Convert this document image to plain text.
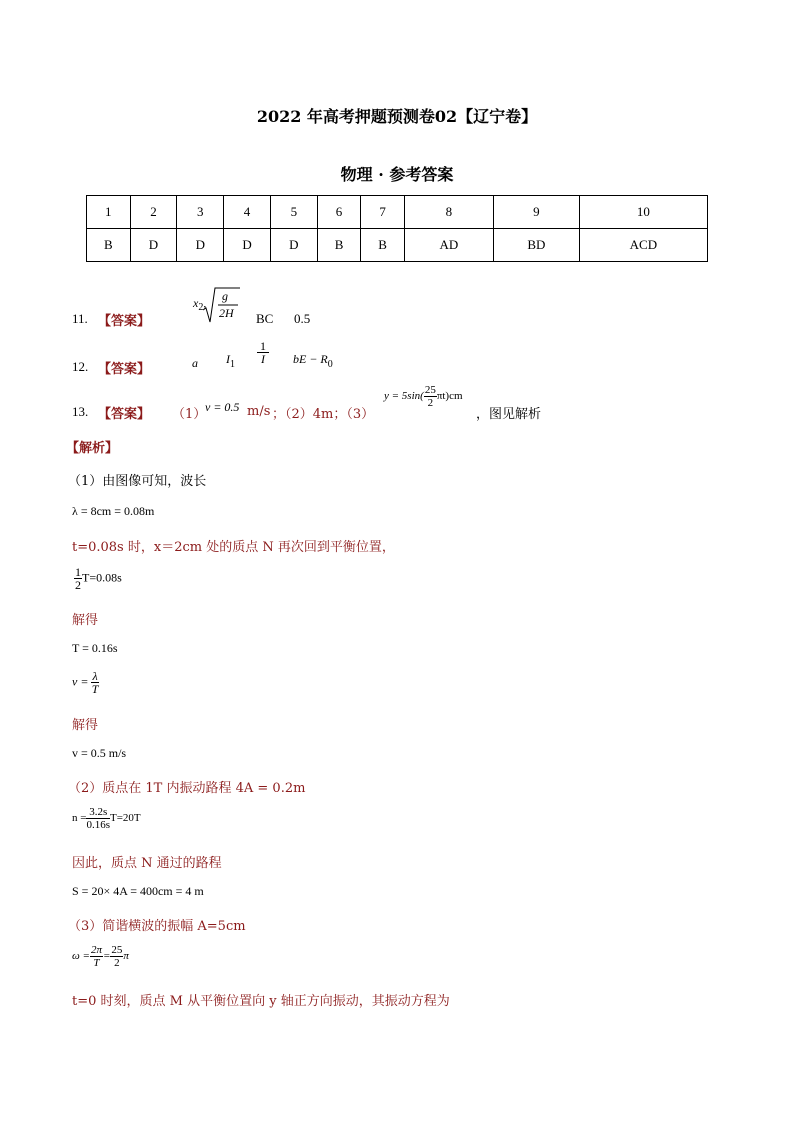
2022 年高考押题预测卷02【辽宁卷】
物理 · 参考答案
1	2	3	4	5	6	7	8	9	10
B	D	D	D	D	B	B	AD	BD	ACD
11. 【答案】
$x_2$, g
2H BC 0.5
12. 【答案】	a $I_1 \frac{1}{I}$ bE − $R_0$
13. 【答案】 （1）
v = 0.5 m/s ；（2）4m；（3）
$y = 5\sin( \frac{25}{2} \pi t)cm$
，图见解析
【解析】
（1）由图像可知，波长
λ = 8cm = 0.08m
t=0.08s 时，x＝2cm 处的质点 N 再次回到平衡位置，
$\frac{1}{2} T=0.08s$
解得
T = 0.16s
$v = \frac{\lambda}{T}$
解得
v = 0.5 m/s
（2）质点在 1T 内振动路程 4A = 0.2m
$n = \frac{3.2s}{0.16s} T=20T$
因此，质点 N 通过的路程
S = 20× 4A = 400cm = 4 m
（3）简谐横波的振幅 A=5cm
$\omega = \frac{2\pi}{T} = \frac{25}{2}$ π
t=0 时刻，质点 M 从平衡位置向 y 轴正方向振动，其振动方程为
